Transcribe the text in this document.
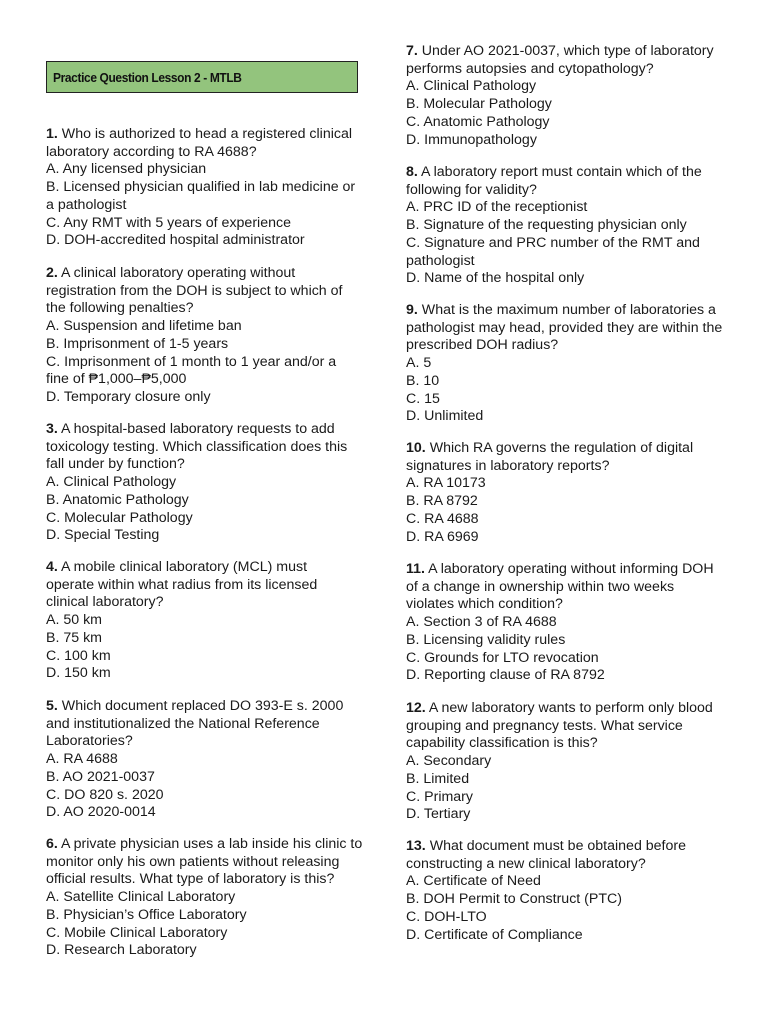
Practice Question Lesson 2 - MTLB
1. Who is authorized to head a registered clinical laboratory according to RA 4688?
A. Any licensed physician
B. Licensed physician qualified in lab medicine or a pathologist
C. Any RMT with 5 years of experience
D. DOH-accredited hospital administrator
2. A clinical laboratory operating without registration from the DOH is subject to which of the following penalties?
A. Suspension and lifetime ban
B. Imprisonment of 1-5 years
C. Imprisonment of 1 month to 1 year and/or a fine of ₱1,000–₱5,000
D. Temporary closure only
3. A hospital-based laboratory requests to add toxicology testing. Which classification does this fall under by function?
A. Clinical Pathology
B. Anatomic Pathology
C. Molecular Pathology
D. Special Testing
4. A mobile clinical laboratory (MCL) must operate within what radius from its licensed clinical laboratory?
A. 50 km
B. 75 km
C. 100 km
D. 150 km
5. Which document replaced DO 393-E s. 2000 and institutionalized the National Reference Laboratories?
A. RA 4688
B. AO 2021-0037
C. DO 820 s. 2020
D. AO 2020-0014
6. A private physician uses a lab inside his clinic to monitor only his own patients without releasing official results. What type of laboratory is this?
A. Satellite Clinical Laboratory
B. Physician’s Office Laboratory
C. Mobile Clinical Laboratory
D. Research Laboratory
7. Under AO 2021-0037, which type of laboratory performs autopsies and cytopathology?
A. Clinical Pathology
B. Molecular Pathology
C. Anatomic Pathology
D. Immunopathology
8. A laboratory report must contain which of the following for validity?
A. PRC ID of the receptionist
B. Signature of the requesting physician only
C. Signature and PRC number of the RMT and pathologist
D. Name of the hospital only
9. What is the maximum number of laboratories a pathologist may head, provided they are within the prescribed DOH radius?
A. 5
B. 10
C. 15
D. Unlimited
10. Which RA governs the regulation of digital signatures in laboratory reports?
A. RA 10173
B. RA 8792
C. RA 4688
D. RA 6969
11. A laboratory operating without informing DOH of a change in ownership within two weeks violates which condition?
A. Section 3 of RA 4688
B. Licensing validity rules
C. Grounds for LTO revocation
D. Reporting clause of RA 8792
12. A new laboratory wants to perform only blood grouping and pregnancy tests. What service capability classification is this?
A. Secondary
B. Limited
C. Primary
D. Tertiary
13. What document must be obtained before constructing a new clinical laboratory?
A. Certificate of Need
B. DOH Permit to Construct (PTC)
C. DOH-LTO
D. Certificate of Compliance
